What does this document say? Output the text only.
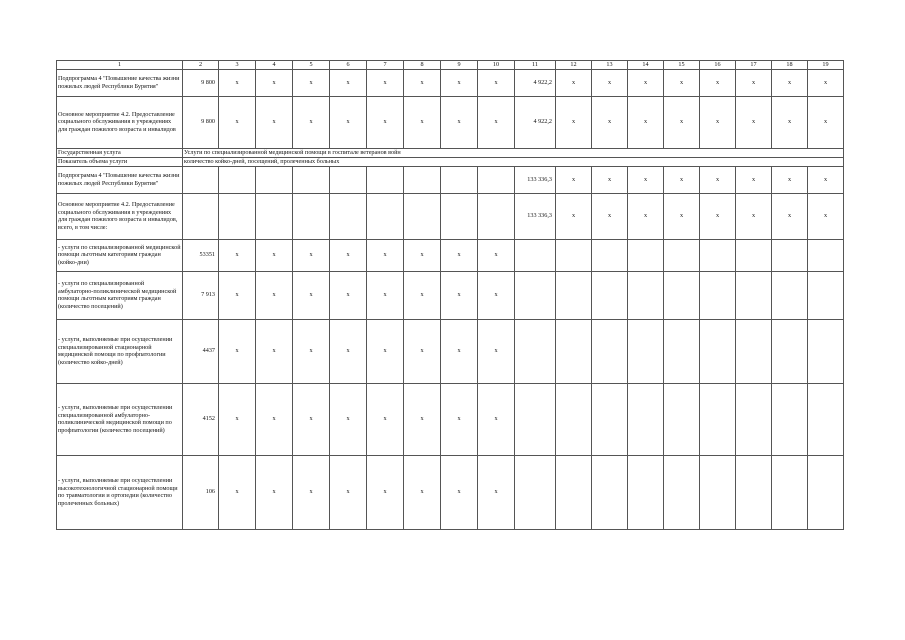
1	2	3	4	5	6	7	8	9	10	11	12	13	14	15	16	17	18	19
Подпрограмма 4 "Повышение качества жизни пожилых людей Республики Бурятия"	9 800	х	х	х	х	х	х	х	х	4 922,2	х	х	х	х	х	х	х	х
Основное мероприятие 4.2. Предоставление социального обслуживания в учреждениях для граждан пожилого возраста и инвалидов	9 800	х	х	х	х	х	х	х	х	4 922,2	х	х	х	х	х	х	х	х
Государственная услуга	Услуги по специализированной медицинской помощи в госпитале ветеранов войн																	
Показатель объема услуги	количество койко-дней, посещений, пролеченных больных																	
Подпрограмма 4 "Повышение качества жизни пожилых людей Республики Бурятия"										133 336,3	х	х	х	х	х	х	х	х
Основное мероприятие 4.2. Предоставление социального обслуживания в учреждениях для граждан пожилого возраста и инвалидов, всего, в том числе:										133 336,3	х	х	х	х	х	х	х	х
- услуги по специализированной медицинской помощи льготным категориям граждан (койко-дни)	53351	х	х	х	х	х	х	х	х									
- услуги по специализированной амбулаторно-поликлинической медицинской помощи льготным категориям граждан (количество посещений)	7 913	х	х	х	х	х	х	х	х									
- услуги, выполняемые при осуществлении специализированной стационарной медицинской помощи по профпатологии (количество койко-дней)	4437	х	х	х	х	х	х	х	х									
- услуги, выполняемые при осуществлении специализированной амбулаторно-поликлинической медицинской помощи по профпатологии (количество посещений)	4152	х	х	х	х	х	х	х	х									
- услуги, выполняемые при осуществлении высокотехнологичной стационарной помощи по травматологии и ортопедии (количество пролеченных больных)	106	х	х	х	х	х	х	х	х									
